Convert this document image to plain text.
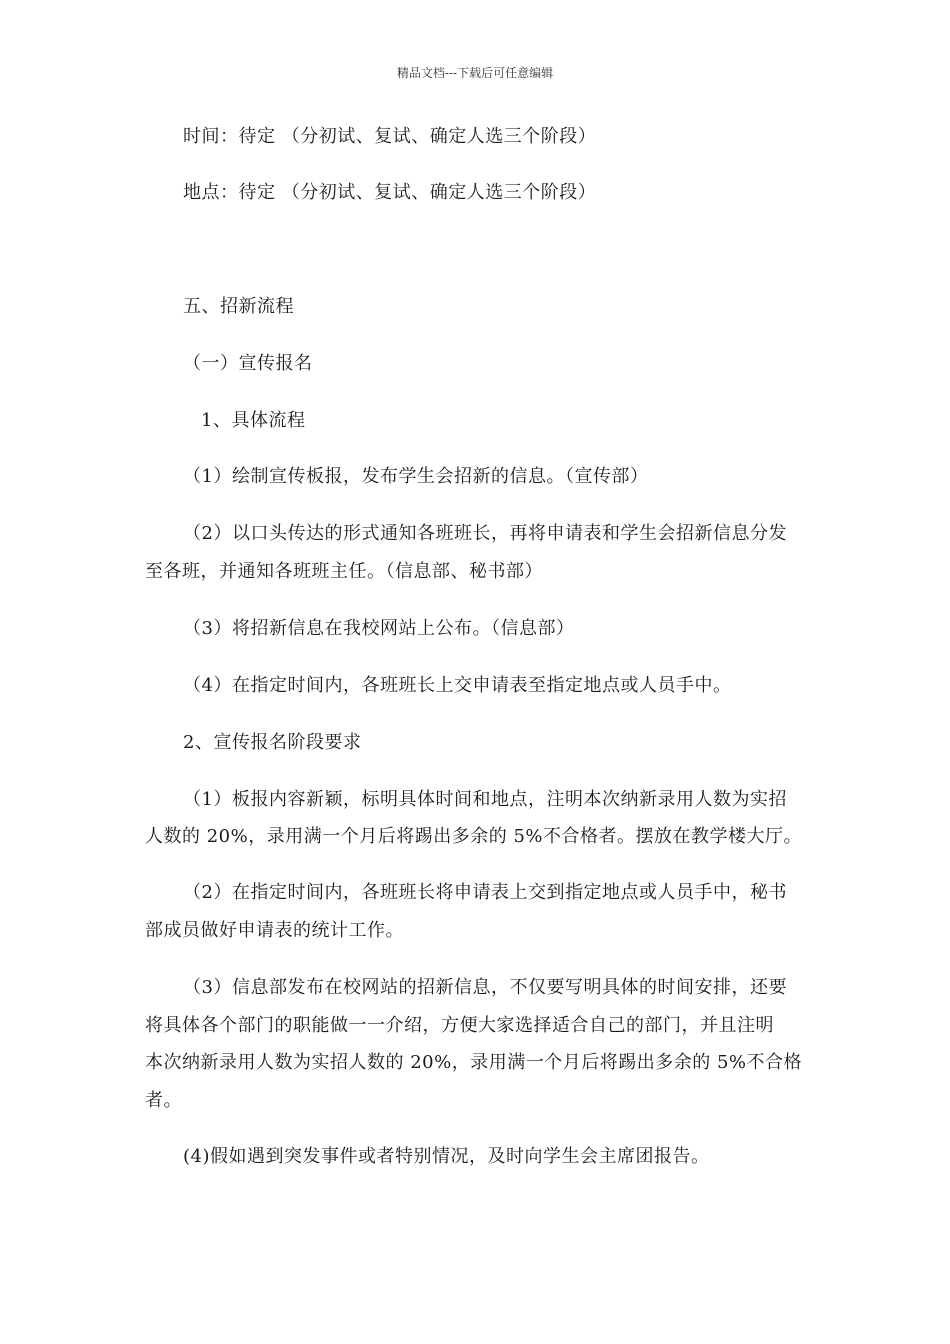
精品文档---下载后可任意编辑
时间：待定 （分初试、复试、确定人选三个阶段）
地点：待定 （分初试、复试、确定人选三个阶段）
五、招新流程
（一）宣传报名
1、具体流程
（1）绘制宣传板报，发布学生会招新的信息。（宣传部）
（2）以口头传达的形式通知各班班长，再将申请表和学生会招新信息分发
至各班，并通知各班班主任。（信息部、秘书部）
（3）将招新信息在我校网站上公布。（信息部）
（4）在指定时间内，各班班长上交申请表至指定地点或人员手中。
2、宣传报名阶段要求
（1）板报内容新颖，标明具体时间和地点，注明本次纳新录用人数为实招
人数的 20%，录用满一个月后将踢出多余的 5%不合格者。摆放在教学楼大厅。
（2）在指定时间内，各班班长将申请表上交到指定地点或人员手中，秘书
部成员做好申请表的统计工作。
（3）信息部发布在校网站的招新信息，不仅要写明具体的时间安排，还要
将具体各个部门的职能做一一介绍，方便大家选择适合自己的部门，并且注明
本次纳新录用人数为实招人数的 20%，录用满一个月后将踢出多余的 5%不合格
者。
(4)假如遇到突发事件或者特别情况，及时向学生会主席团报告。
